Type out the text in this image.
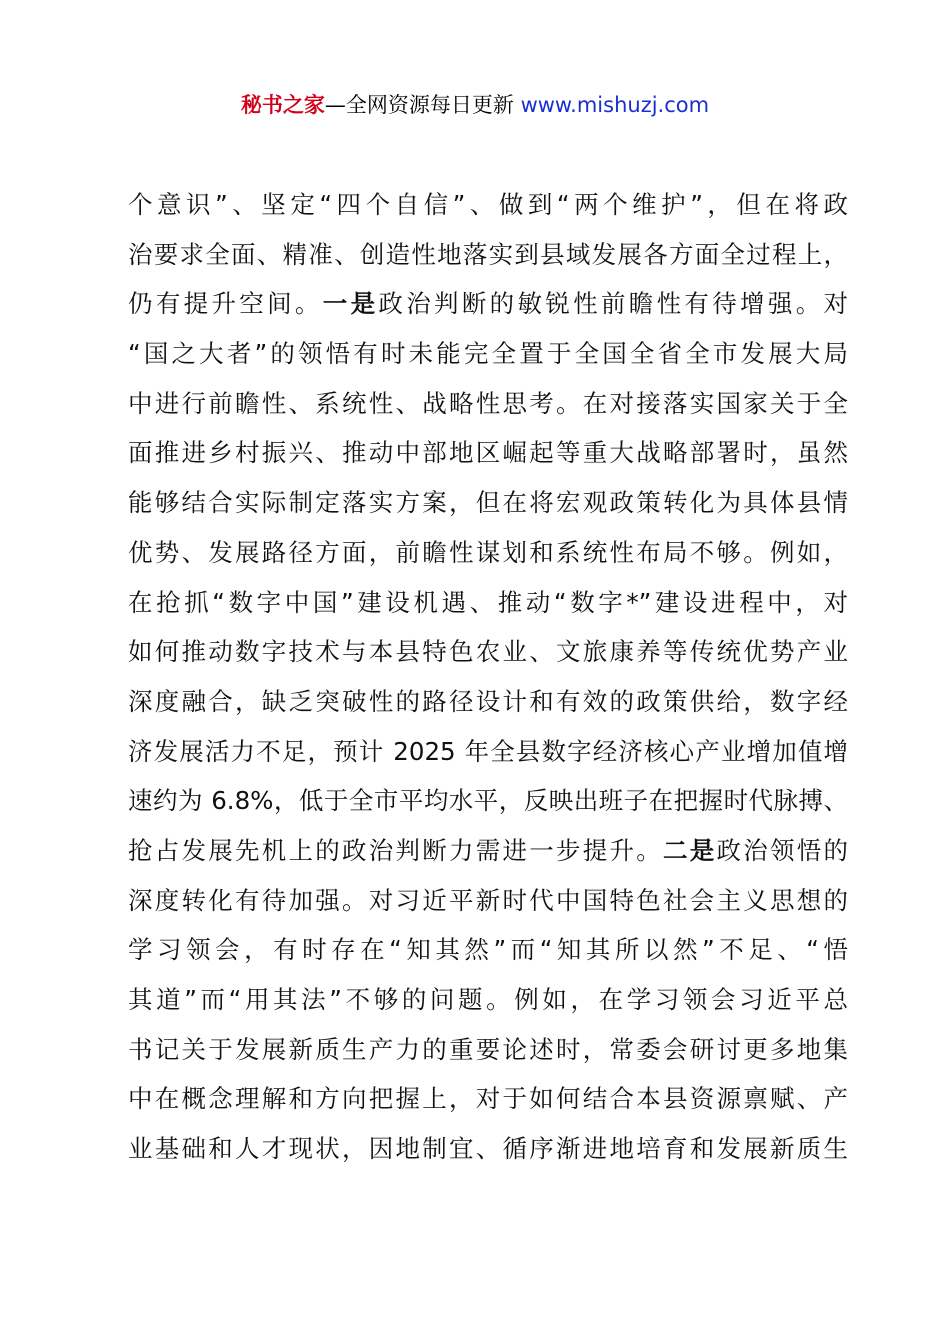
秘书之家—全网资源每日更新 www.mishuzj.com
个意识”、坚定“四个自信”、做到“两个维护”，但在将政
治要求全面、精准、创造性地落实到县域发展各方面全过程上，
仍有提升空间。一是政治判断的敏锐性前瞻性有待增强。对
“国之大者”的领悟有时未能完全置于全国全省全市发展大局
中进行前瞻性、系统性、战略性思考。在对接落实国家关于全
面推进乡村振兴、推动中部地区崛起等重大战略部署时，虽然
能够结合实际制定落实方案，但在将宏观政策转化为具体县情
优势、发展路径方面，前瞻性谋划和系统性布局不够。例如，
在抢抓“数字中国”建设机遇、推动“数字*”建设进程中，对
如何推动数字技术与本县特色农业、文旅康养等传统优势产业
深度融合，缺乏突破性的路径设计和有效的政策供给，数字经
济发展活力不足，预计 2025 年全县数字经济核心产业增加值增
速约为 6.8%，低于全市平均水平，反映出班子在把握时代脉搏、
抢占发展先机上的政治判断力需进一步提升。二是政治领悟的
深度转化有待加强。对习近平新时代中国特色社会主义思想的
学习领会，有时存在“知其然”而“知其所以然”不足、“悟
其道”而“用其法”不够的问题。例如，在学习领会习近平总
书记关于发展新质生产力的重要论述时，常委会研讨更多地集
中在概念理解和方向把握上，对于如何结合本县资源禀赋、产
业基础和人才现状，因地制宜、循序渐进地培育和发展新质生
